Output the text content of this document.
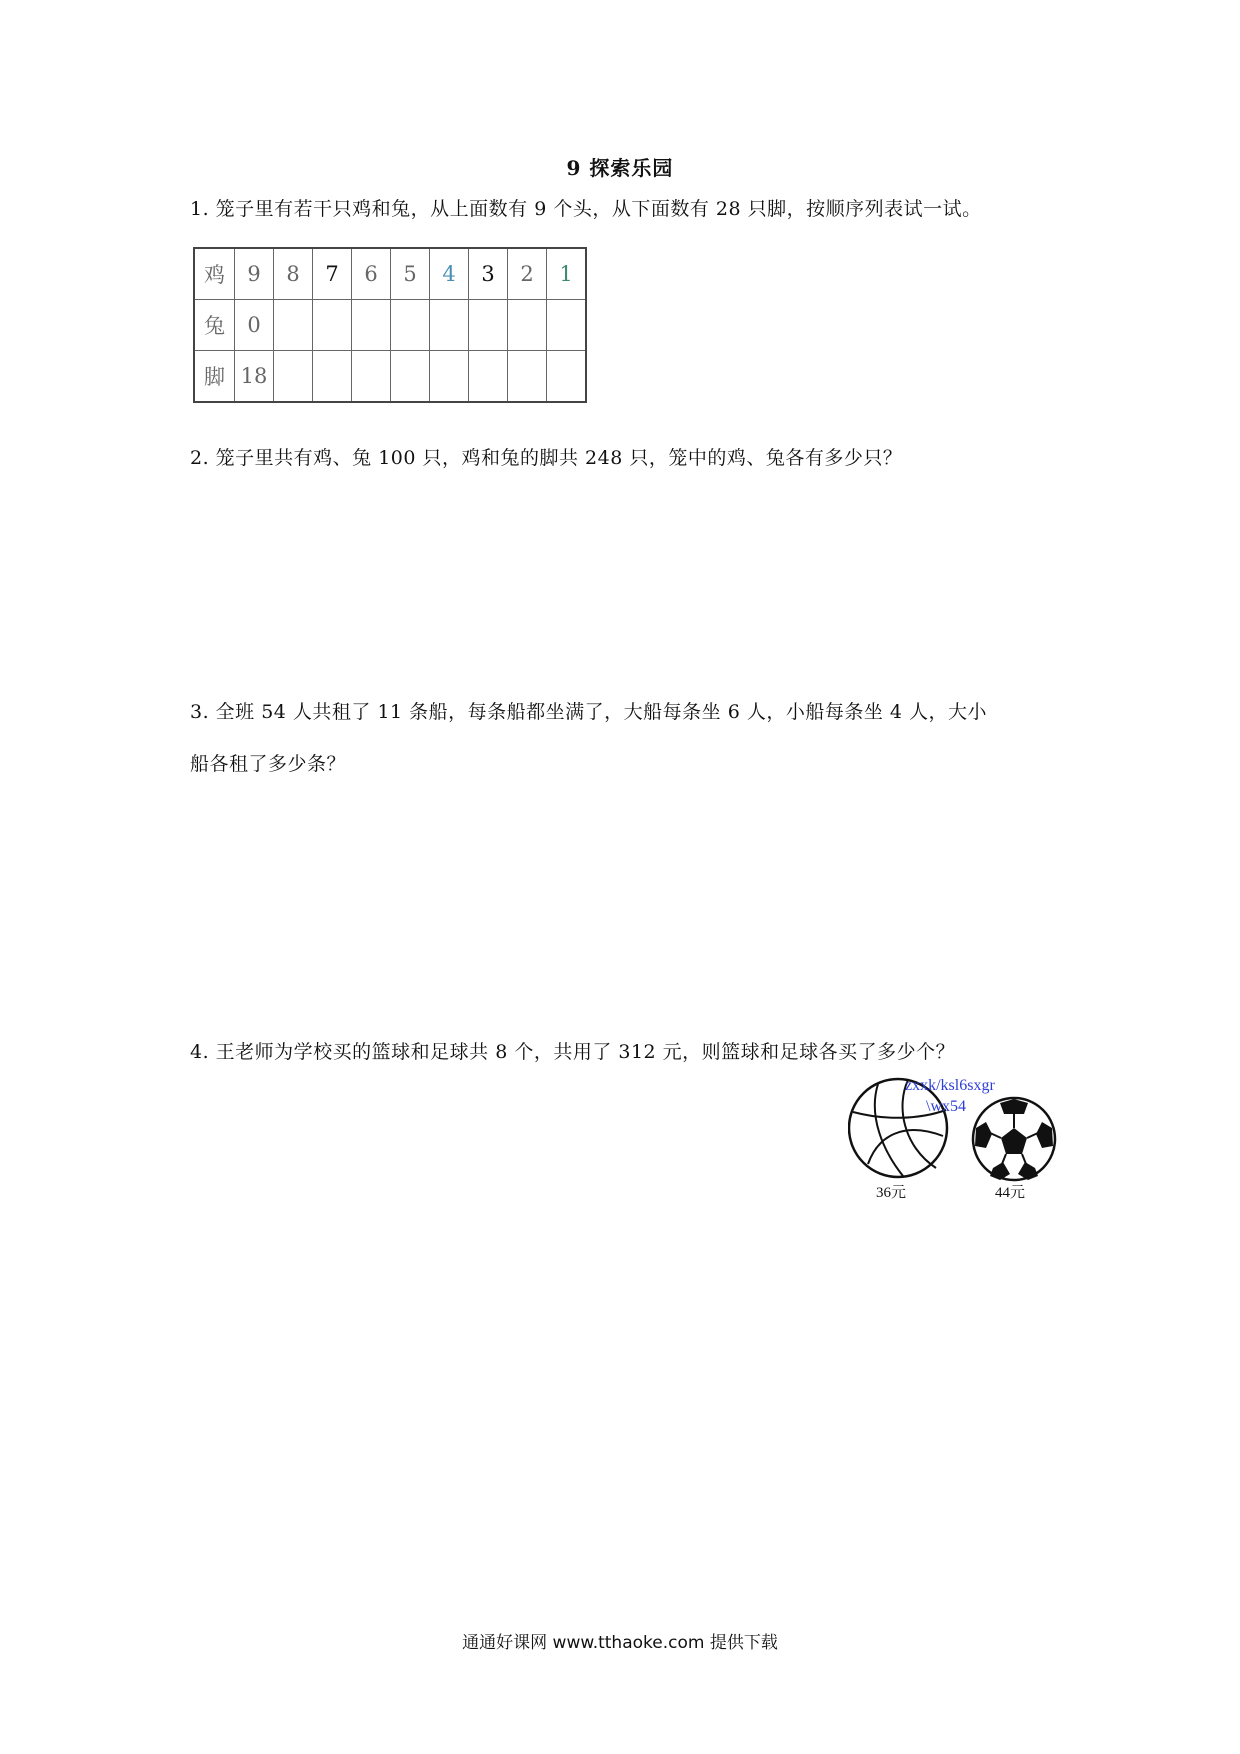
9 探索乐园
1. 笼子里有若干只鸡和兔，从上面数有 9 个头，从下面数有 28 只脚，按顺序列表试一试。
鸡	9	8	7	6	5	4	3	2	1
兔	0								
脚	18								
2. 笼子里共有鸡、兔 100 只，鸡和兔的脚共 248 只，笼中的鸡、兔各有多少只？
3. 全班 54 人共租了 11 条船，每条船都坐满了，大船每条坐 6 人，小船每条坐 4 人，大小
船各租了多少条？
4. 王老师为学校买的篮球和足球共 8 个，共用了 312 元，则篮球和足球各买了多少个？
zxxk/ksl6sxgr
\wx54
36元	44元
通通好课网 www.tthaoke.com 提供下载
